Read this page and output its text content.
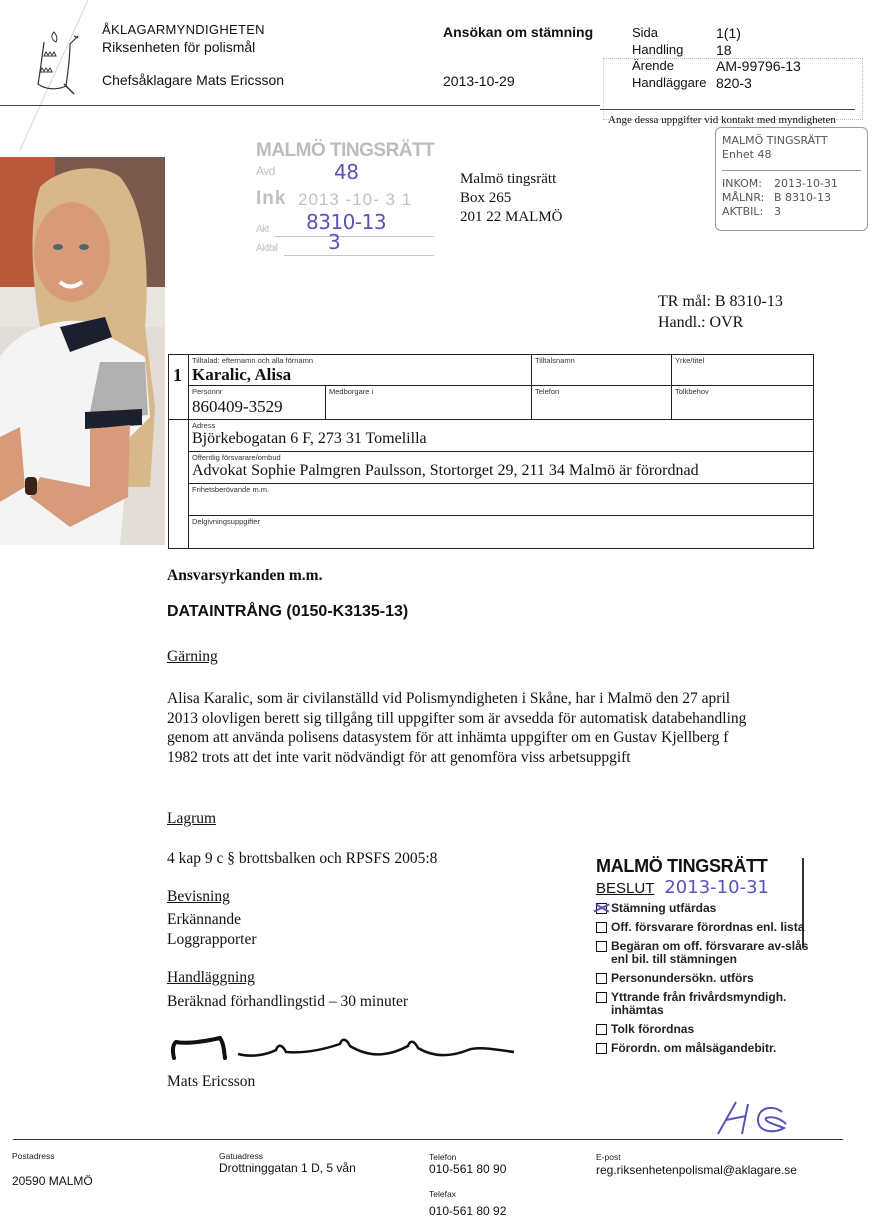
ÅKLAGARMYNDIGHETEN
Riksenheten för polismål
Chefsåklagare Mats Ericsson
Ansökan om stämning
2013-10-29
Sida	1(1)
Handling	18
Ärende	AM-99796-13
Handläggare 820-3
Ange dessa uppgifter vid kontakt med myndigheten
MALMÖ TINGSRÄTT
Enhet 48
INKOM:	2013-10-31
MÅLNR: B 8310-13
AKTBIL: 3
MALMÖ TINGSRÄTT
Avd	48
Ink 2013 -10- 3 1
Akt 8310-13
Aktbil	3
Malmö tingsrätt
Box 265
201 22 MALMÖ
TR mål: B 8310-13
Handl.: OVR
1
Tilltalad: efternamn och alla förnamn
Karalic, Alisa
Tilltalsnamn	Yrke/titel
Personnr
860409-3529
Medborgare i	Telefon	Tolkbehov
Adress
Björkebogatan 6 F, 273 31 Tomelilla
Offentlig försvarare/ombud
Advokat Sophie Palmgren Paulsson, Stortorget 29, 211 34 Malmö är förordnad
Frihetsberövande m.m.
Delgivningsuppgifter
Ansvarsyrkanden m.m.
DATAINTRÅNG (0150-K3135-13)
Gärning
Alisa Karalic, som är civilanställd vid Polismyndigheten i Skåne, har i Malmö den 27 april 2013 olovligen berett sig tillgång till uppgifter som är avsedda för automatisk databehandling genom att använda polisens datasystem för att inhämta uppgifter om en Gustav Kjellberg f 1982 trots att det inte varit nödvändigt för att genomföra viss arbetsuppgift
Lagrum
4 kap 9 c § brottsbalken och RPSFS 2005:8
Bevisning
Erkännande
Loggrapporter
Handläggning
Beräknad förhandlingstid – 30 minuter
Mats Ericsson
MALMÖ TINGSRÄTT
BESLUT 2013-10-31
Stämning utfärdas
Off. försvarare förordnas enl. lista
Begäran om off. försvarare av-slås enl bil. till stämningen
Personundersökn. utförs
Yttrande från frivårdsmyndigh. inhämtas
Tolk förordnas
Förordn. om målsägandebitr.
Postadress
20590 MALMÖ
Gatuadress
Drottninggatan 1 D, 5 vån
Telefon
010-561 80 90
Telefax
010-561 80 92
E-post
reg.riksenhetenpolismal@aklagare.se
